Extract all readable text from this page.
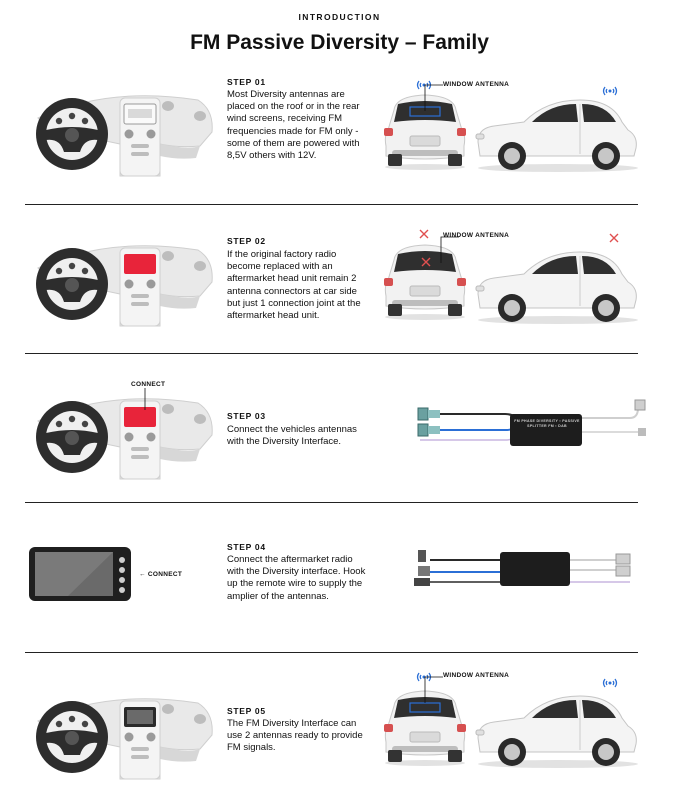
INTRODUCTION
FM Passive Diversity – Family
STEP 01
Most Diversity antennas are placed on the roof or in the rear wind screens, receiving FM frequencies made for FM only - some of them are powered with 8,5V others with 12V.
WINDOW ANTENNA
STEP 02
If the original factory radio become replaced with an aftermarket head unit remain 2 antenna connectors at car side but just 1 connection joint at the aftermarket head unit.
WINDOW ANTENNA
CONNECT
STEP 03
Connect the vehicles antennas with the Diversity Interface.
FM PHASE DIVERSITY ▪ PASSIVE SPLITTER FM ▪ DAB
← CONNECT
STEP 04
Connect the aftermarket radio with the Diversity interface. Hook up the remote wire to supply the amplier of the antennas.
STEP 05
The FM Diversity Interface can use 2 antennas ready to provide FM signals.
WINDOW ANTENNA
